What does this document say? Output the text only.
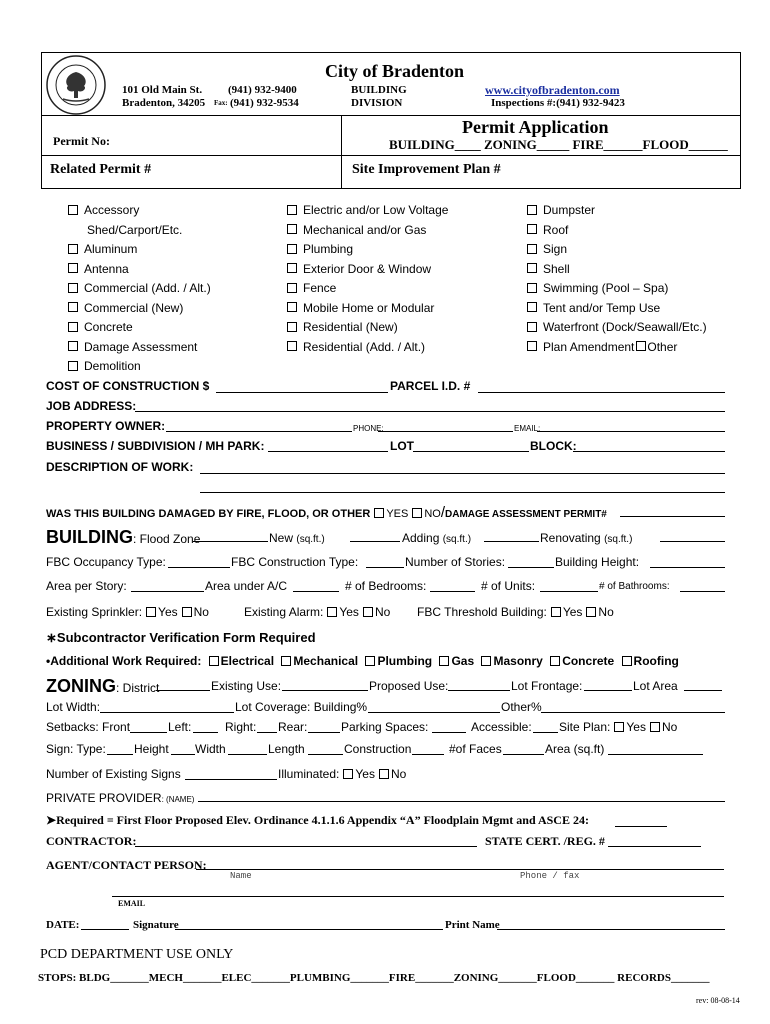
City of Bradenton
101 Old Main St.
Bradenton, 34205
(941) 932-9400
Fax: (941) 932-9534
BUILDING
DIVISION
www.cityofbradenton.com
Inspections #:(941) 932-9423
Permit No:
Permit Application
BUILDING____ ZONING_____ FIRE______FLOOD______
Related Permit #	Site Improvement Plan #
Accessory
Shed/Carport/Etc.
Aluminum
Antenna
Commercial (Add. / Alt.)
Commercial (New)
Concrete
Damage Assessment
Demolition
Electric and/or Low Voltage
Mechanical and/or Gas
Plumbing
Exterior Door & Window
Fence
Mobile Home or Modular
Residential (New)
Residential (Add. / Alt.)
Dumpster
Roof
Sign
Shell
Swimming (Pool – Spa)
Tent and/or Temp Use
Waterfront (Dock/Seawall/Etc.)
Plan Amendment Other
COST OF CONSTRUCTION $	PARCEL I.D. #
JOB ADDRESS:
PROPERTY OWNER:	PHONE:	EMAIL:
BUSINESS / SUBDIVISION / MH PARK:	LOT	BLOCK:
DESCRIPTION OF WORK:
WAS THIS BUILDING DAMAGED BY FIRE, FLOOD, OR OTHER YES NO/DAMAGE ASSESSMENT PERMIT#
BUILDING: Flood Zone	New (sq.ft.)	Adding (sq.ft.)	Renovating (sq.ft.)
FBC Occupancy Type:	FBC Construction Type:	Number of Stories:	Building Height:
Area per Story:	Area under A/C	# of Bedrooms:	# of Units:	# of Bathrooms:
Existing Sprinkler: Yes No	Existing Alarm: Yes No FBC Threshold Building: Yes No
∗Subcontractor Verification Form Required
•Additional Work Required: Electrical Mechanical Plumbing Gas Masonry Concrete Roofing
ZONING: District	Existing Use:	Proposed Use:	Lot Frontage:	Lot Area
Lot Width:	Lot Coverage: Building%	Other%
Setbacks: Front	Left:	Right: Rear:	Parking Spaces:	Accessible: Site Plan: Yes No
Sign: Type: Height Width	Length	Construction	#of Faces	Area (sq.ft)
Number of Existing Signs	Illuminated: Yes No
PRIVATE PROVIDER: (NAME)
➤Required = First Floor Proposed Elev. Ordinance 4.1.1.6 Appendix “A” Floodplain Mgmt and ASCE 24:
CONTRACTOR:	STATE CERT. /REG. #
AGENT/CONTACT PERSON:
Name	Phone / fax
EMAIL
DATE:	Signature	Print Name
PCD DEPARTMENT USE ONLY
STOPS: BLDG_______MECH_______ELEC_______PLUMBING_______FIRE_______ZONING_______FLOOD_______ RECORDS_______
rev: 08-08-14
